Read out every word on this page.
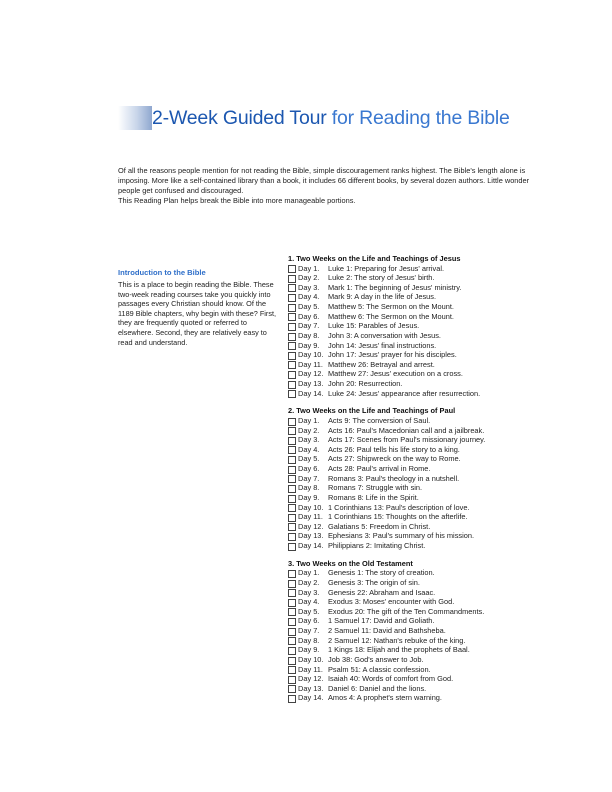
2-Week Guided Tour for Reading the Bible

Of all the reasons people mention for not reading the Bible, simple discouragement ranks highest. The Bible's length alone is imposing. More like a self-contained library than a book, it includes 66 different books, by several dozen authors. Little wonder people get confused and discouraged.

This Reading Plan helps break the Bible into more manageable portions.

Introduction to the Bible

This is a place to begin reading the Bible. These two-week reading courses take you quickly into passages every Christian should know. Of the 1189 Bible chapters, why begin with these? First, they are frequently quoted or referred to elsewhere. Second, they are relatively easy to read and understand.

1. Two Weeks on the Life and Teachings of Jesus
Day 1.	Luke 1: Preparing for Jesus' arrival.
Day 2.	Luke 2: The story of Jesus' birth.
Day 3.	Mark 1: The beginning of Jesus' ministry.
Day 4.	Mark 9: A day in the life of Jesus.
Day 5.	Matthew 5: The Sermon on the Mount.
Day 6.	Matthew 6: The Sermon on the Mount.
Day 7.	Luke 15: Parables of Jesus.
Day 8.	John 3: A conversation with Jesus.
Day 9.	John 14: Jesus' final instructions.
Day 10. John 17: Jesus' prayer for his disciples.
Day 11. Matthew 26: Betrayal and arrest.
Day 12. Matthew 27: Jesus' execution on a cross.
Day 13. John 20: Resurrection.
Day 14. Luke 24: Jesus' appearance after resurrection.
2. Two Weeks on the Life and Teachings of Paul
Day 1.	Acts 9: The conversion of Saul.
Day 2.	Acts 16: Paul's Macedonian call and a jailbreak.
Day 3.	Acts 17: Scenes from Paul's missionary journey.
Day 4.	Acts 26: Paul tells his life story to a king.
Day 5.	Acts 27: Shipwreck on the way to Rome.
Day 6.	Acts 28: Paul's arrival in Rome.
Day 7.	Romans 3: Paul's theology in a nutshell.
Day 8.	Romans 7: Struggle with sin.
Day 9.	Romans 8: Life in the Spirit.
Day 10. 1 Corinthians 13: Paul's description of love.
Day 11. 1 Corinthians 15: Thoughts on the afterlife.
Day 12. Galatians 5: Freedom in Christ.
Day 13. Ephesians 3: Paul's summary of his mission.
Day 14. Philippians 2: Imitating Christ.
3. Two Weeks on the Old Testament
Day 1.	Genesis 1: The story of creation.
Day 2.	Genesis 3: The origin of sin.
Day 3.	Genesis 22: Abraham and Isaac.
Day 4.	Exodus 3: Moses' encounter with God.
Day 5.	Exodus 20: The gift of the Ten Commandments.
Day 6.	1 Samuel 17: David and Goliath.
Day 7.	2 Samuel 11: David and Bathsheba.
Day 8.	2 Samuel 12: Nathan's rebuke of the king.
Day 9.	1 Kings 18: Elijah and the prophets of Baal.
Day 10. Job 38: God's answer to Job.
Day 11. Psalm 51: A classic confession.
Day 12. Isaiah 40: Words of comfort from God.
Day 13. Daniel 6: Daniel and the lions.
Day 14. Amos 4: A prophet's stern warning.
